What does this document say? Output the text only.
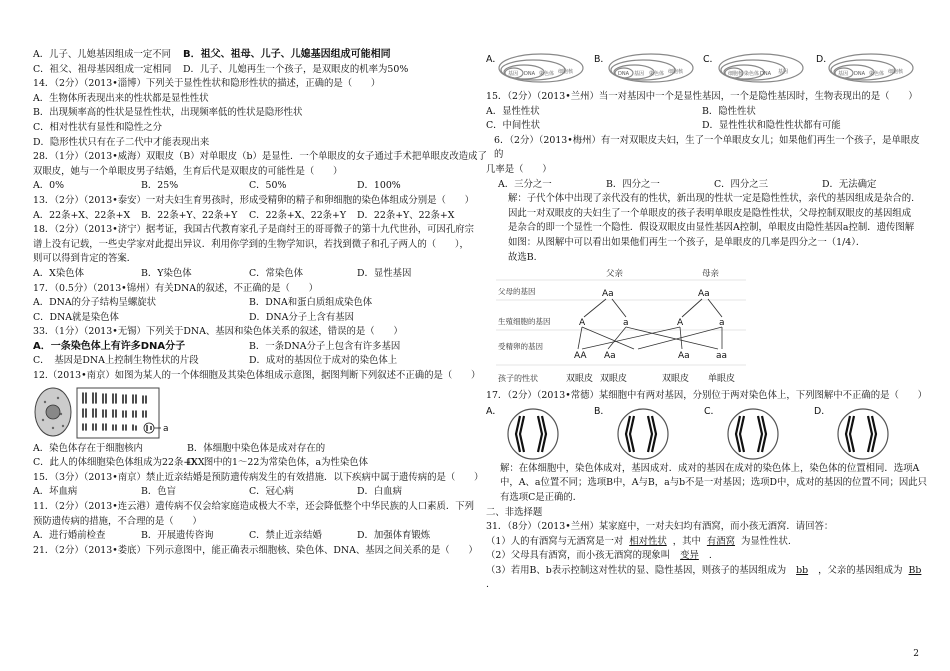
A．儿子、儿媳基因组成一定不同	B．祖父、祖母、儿子、儿媳基因组成可能相同
C．祖父、祖母基因组成一定相同	D．儿子、儿媳再生一个孩子，是双眼皮的机率为50%
14．（2分）（2013•淄博）下列关于显性性状和隐形性状的描述，正确的是（　　）
A．生物体所表现出来的性状都是显性性状
B．出现频率高的性状是显性性状，出现频率低的性状是隐形性状
C．相对性状有显性和隐性之分
D．隐形性状只有在子二代中才能表现出来
28．（1分）（2013•威海）双眼皮（B）对单眼皮（b）是显性．一个单眼皮的女子通过手术把单眼皮改造成了
双眼皮，她与一个单眼皮男子结婚，生育后代是双眼皮的可能性是（　　）
A．0%	B．25%	C．50%	D．100%
13．（2分）（2013•泰安）一对夫妇生育男孩时，形成受精卵的精子和卵细胞的染色体组成分别是（　　）
A．22条+X、22条+X	B．22条+Y、22条+Y	C．22条+X、22条+Y	D．22条+Y、22条+X
18．（2分）（2013•济宁）据考证，我国古代教育家孔子是商纣王的哥哥微子的第十九代世孙，可因孔府宗
谱上没有记载，一些史学家对此提出异议．利用你学到的生物学知识，若找到微子和孔子两人的（　　），
则可以得到肯定的答案．
A．X染色体	B．Y染色体	C．常染色体	D．显性基因
17．（0.5分）（2013•锦州）有关DNA的叙述，不正确的是（　　）
A．DNA的分子结构呈螺旋状	B．DNA和蛋白质组成染色体
C．DNA就是染色体	D．DNA分子上含有基因
33．（1分）（2013•无锡）下列关于DNA、基因和染色体关系的叙述，错误的是（　　）
A．一条染色体上有许多DNA分子	B．一条DNA分子上包含有许多基因
C．　基因是DNA上控制生物性状的片段	D．成对的基因位于成对的染色体上
12.（2013•南京）如图为某人的一个体细胞及其染色体组成示意图，据图判断下列叙述不正确的是（　　）
a
A．染色体存在于细胞核内	B．体细胞中染色体是成对存在的
C．此人的体细胞染色体组成为22条+XX
D．图中的1～22为常染色体，a为性染色体
15．（3分）（2013•南京）禁止近亲结婚是预防遗传病发生的有效措施．以下疾病中属于遗传病的是（　　）
A．坏血病	B．色盲	C．冠心病	D．白血病
11．（2分）（2013•连云港）遗传病不仅会给家庭造成极大不幸，还会降低整个中华民族的人口素质．下列
预防遗传病的措施，不合理的是（　　）
A．进行婚前检查	B．开展遗传咨询	C．禁止近亲结婚	D．加强体育锻炼
21．（2分）（2013•娄底）下列示意图中，能正确表示细胞核、染色体、DNA、基因之间关系的是（　　）
A．
基因 DNA 染色体 细胞核
B．
DNA 基因 染色体 细胞核
C．
细胞核 染色体 DNA 基因
D．
基因 DNA 染色体 细胞核
15．（2分）（2013•兰州）当一对基因中一个是显性基因，一个是隐性基因时，生物表现出的是（　　）
A．显性性状	B．隐性性状
C．中间性状	D．显性性状和隐性性状都有可能
6．（2分）（2013•梅州）有一对双眼皮夫妇，生了一个单眼皮女儿；如果他们再生一个孩子，是单眼皮的
几率是（　　）
A．三分之一	B．四分之一	C．四分之三	D．无法确定
解：子代个体中出现了亲代没有的性状，新出现的性状一定是隐性性状，亲代的基因组成是杂合的.
因此一对双眼皮的夫妇生了一个单眼皮的孩子表明单眼皮是隐性性状，父母控制双眼皮的基因组成
是杂合的即一个显性一个隐性．假设双眼皮由显性基因A控制，单眼皮由隐性基因a控制．遗传图解
如图：从图解中可以看出如果他们再生一个孩子，是单眼皮的几率是四分之一（1/4）．
故选B.
父亲	母亲
父母的基因	Aa	Aa
生殖细胞的基因	A	a	A	a
受精卵的基因
AA Aa	Aa	aa
孩子的性状	双眼皮 双眼皮	双眼皮 单眼皮
17．（2分）（2013•常德）某细胞中有两对基因，分别位于两对染色体上，下列图解中不正确的是（　　）
A．	B．	C．	D．
解：在体细胞中，染色体成对，基因成对．成对的基因在成对的染色体上，染色体的位置相同．选项A
中，A、a位置不同；选项B中，A与B，a与b不是一对基因；选项D中，成对的基因的位置不同；因此只
有选项C是正确的．
二、非选择题
31．（8分）（2013•兰州）某家庭中，一对夫妇均有酒窝，而小孩无酒窝．请回答：
（1）人的有酒窝与无酒窝是一对 相对性状 ，其中 有酒窝 为显性性状.
（2）父母具有酒窝，而小孩无酒窝的现象叫 变异 .
（3）若用B、b表示控制这对性状的显、隐性基因，则孩子的基因组成为 bb ，父亲的基因组成为 Bb
.
2
